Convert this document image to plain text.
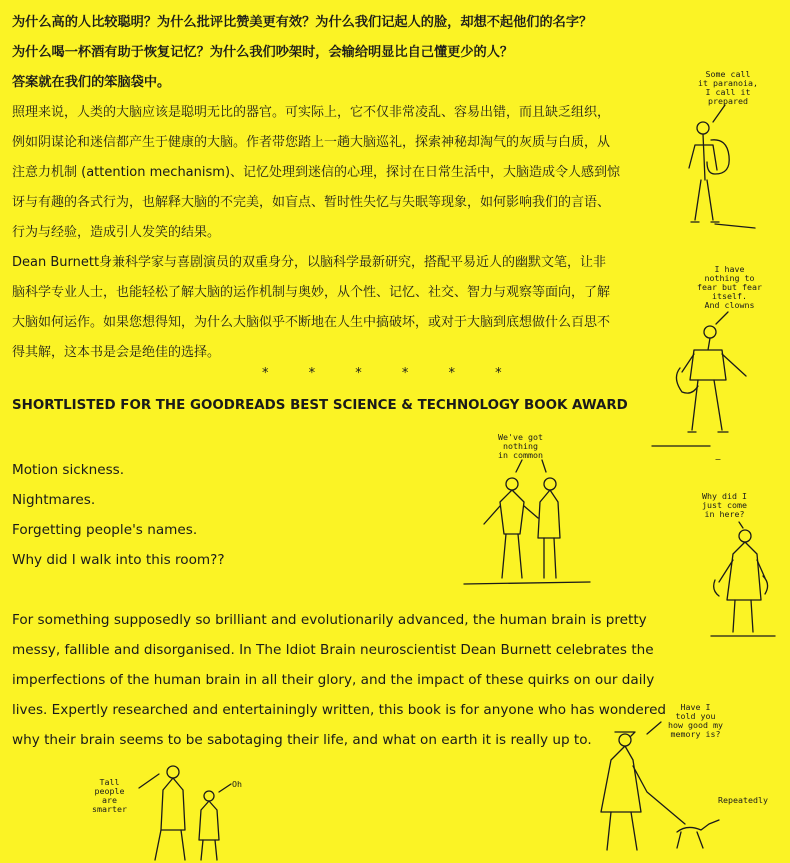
为什么高的人比较聪明？为什么批评比赞美更有效？为什么我们记起人的脸，却想不起他们的名字？
为什么喝一杯酒有助于恢复记忆？为什么我们吵架时，会输给明显比自己懂更少的人？
答案就在我们的笨脑袋中。

照理来说，人类的大脑应该是聪明无比的器官。可实际上，它不仅非常凌乱、容易出错，而且缺乏组织，
例如阴谋论和迷信都产生于健康的大脑。作者带您踏上一趟大脑巡礼，探索神秘却淘气的灰质与白质，从
注意力机制 (attention mechanism)、记忆处理到迷信的心理，探讨在日常生活中，大脑造成令人感到惊
讶与有趣的各式行为，也解释大脑的不完美，如盲点、暂时性失忆与失眠等现象，如何影响我们的言语、
行为与经验，造成引人发笑的结果。
Dean Burnett身兼科学家与喜剧演员的双重身分，以脑科学最新研究，搭配平易近人的幽默文笔，让非
脑科学专业人士，也能轻松了解大脑的运作机制与奥妙，从个性、记忆、社交、智力与观察等面向，了解
大脑如何运作。如果您想得知，为什么大脑似乎不断地在人生中搞破坏，或对于大脑到底想做什么百思不
得其解，这本书是会是绝佳的选择。

* * * * * *
SHORTLISTED FOR THE GOODREADS BEST SCIENCE & TECHNOLOGY BOOK AWARD
Motion sickness.
Nightmares.
Forgetting people's names.
Why did I walk into this room??
For something supposedly so brilliant and evolutionarily advanced, the human brain is pretty
messy, fallible and disorganised. In The Idiot Brain neuroscientist Dean Burnett celebrates the
imperfections of the human brain in all their glory, and the impact of these quirks on our daily
lives. Expertly researched and entertainingly written, this book is for anyone who has wondered
why their brain seems to be sabotaging their life, and what on earth it is really up to.
Some call
it paranoia,
I call it
prepared
I have
nothing to
fear but fear
itself.
And clowns
We've got
nothing
in common
Why did I
just come
in here?
Have I
told you
how good my
memory is?
Repeatedly
Tall
people
are
smarter
Oh
